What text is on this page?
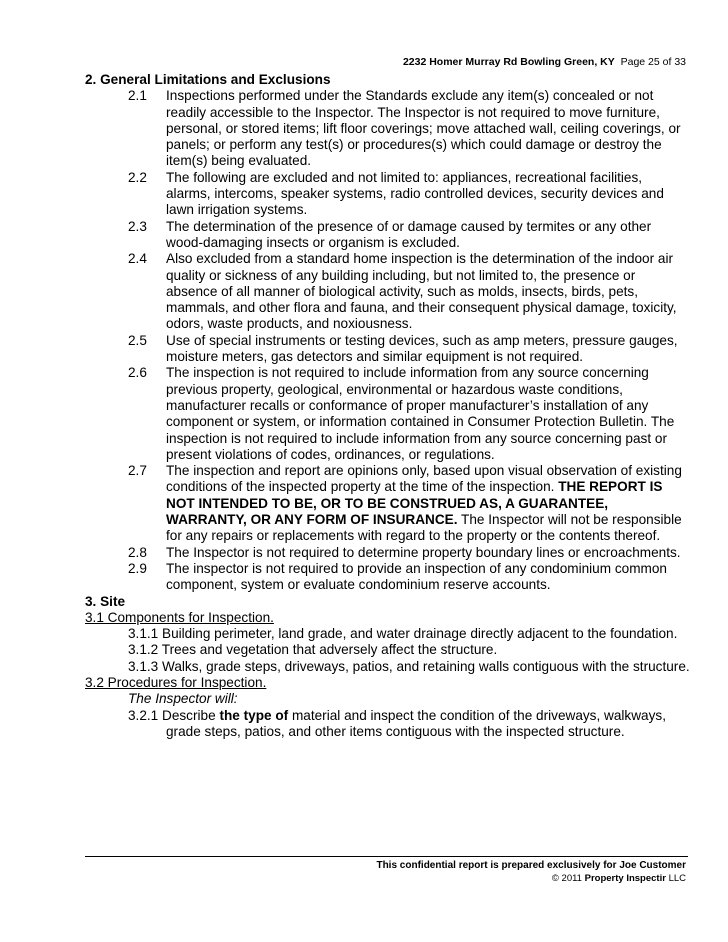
2232 Homer Murray Rd Bowling Green, KY Page 25 of 33

2. General Limitations and Exclusions

2.1 Inspections performed under the Standards exclude any item(s) concealed or not readily accessible to the Inspector. The Inspector is not required to move furniture, personal, or stored items; lift floor coverings; move attached wall, ceiling coverings, or panels; or perform any test(s) or procedures(s) which could damage or destroy the item(s) being evaluated.

2.2 The following are excluded and not limited to: appliances, recreational facilities, alarms, intercoms, speaker systems, radio controlled devices, security devices and lawn irrigation systems.

2.3 The determination of the presence of or damage caused by termites or any other wood-damaging insects or organism is excluded.

2.4 Also excluded from a standard home inspection is the determination of the indoor air quality or sickness of any building including, but not limited to, the presence or absence of all manner of biological activity, such as molds, insects, birds, pets, mammals, and other flora and fauna, and their consequent physical damage, toxicity, odors, waste products, and noxiousness.

2.5 Use of special instruments or testing devices, such as amp meters, pressure gauges, moisture meters, gas detectors and similar equipment is not required.

2.6 The inspection is not required to include information from any source concerning previous property, geological, environmental or hazardous waste conditions, manufacturer recalls or conformance of proper manufacturer’s installation of any component or system, or information contained in Consumer Protection Bulletin. The inspection is not required to include information from any source concerning past or present violations of codes, ordinances, or regulations.

2.7 The inspection and report are opinions only, based upon visual observation of existing conditions of the inspected property at the time of the inspection. THE REPORT IS NOT INTENDED TO BE, OR TO BE CONSTRUED AS, A GUARANTEE, WARRANTY, OR ANY FORM OF INSURANCE. The Inspector will not be responsible for any repairs or replacements with regard to the property or the contents thereof.

2.8 The Inspector is not required to determine property boundary lines or encroachments.

2.9 The inspector is not required to provide an inspection of any condominium common component, system or evaluate condominium reserve accounts.

3. Site

3.1 Components for Inspection.

3.1.1 Building perimeter, land grade, and water drainage directly adjacent to the foundation.

3.1.2 Trees and vegetation that adversely affect the structure.

3.1.3 Walks, grade steps, driveways, patios, and retaining walls contiguous with the structure.

3.2 Procedures for Inspection.

The Inspector will:

3.2.1 Describe the type of material and inspect the condition of the driveways, walkways, grade steps, patios, and other items contiguous with the inspected structure.

This confidential report is prepared exclusively for Joe Customer
© 2011 Property Inspectir LLC
